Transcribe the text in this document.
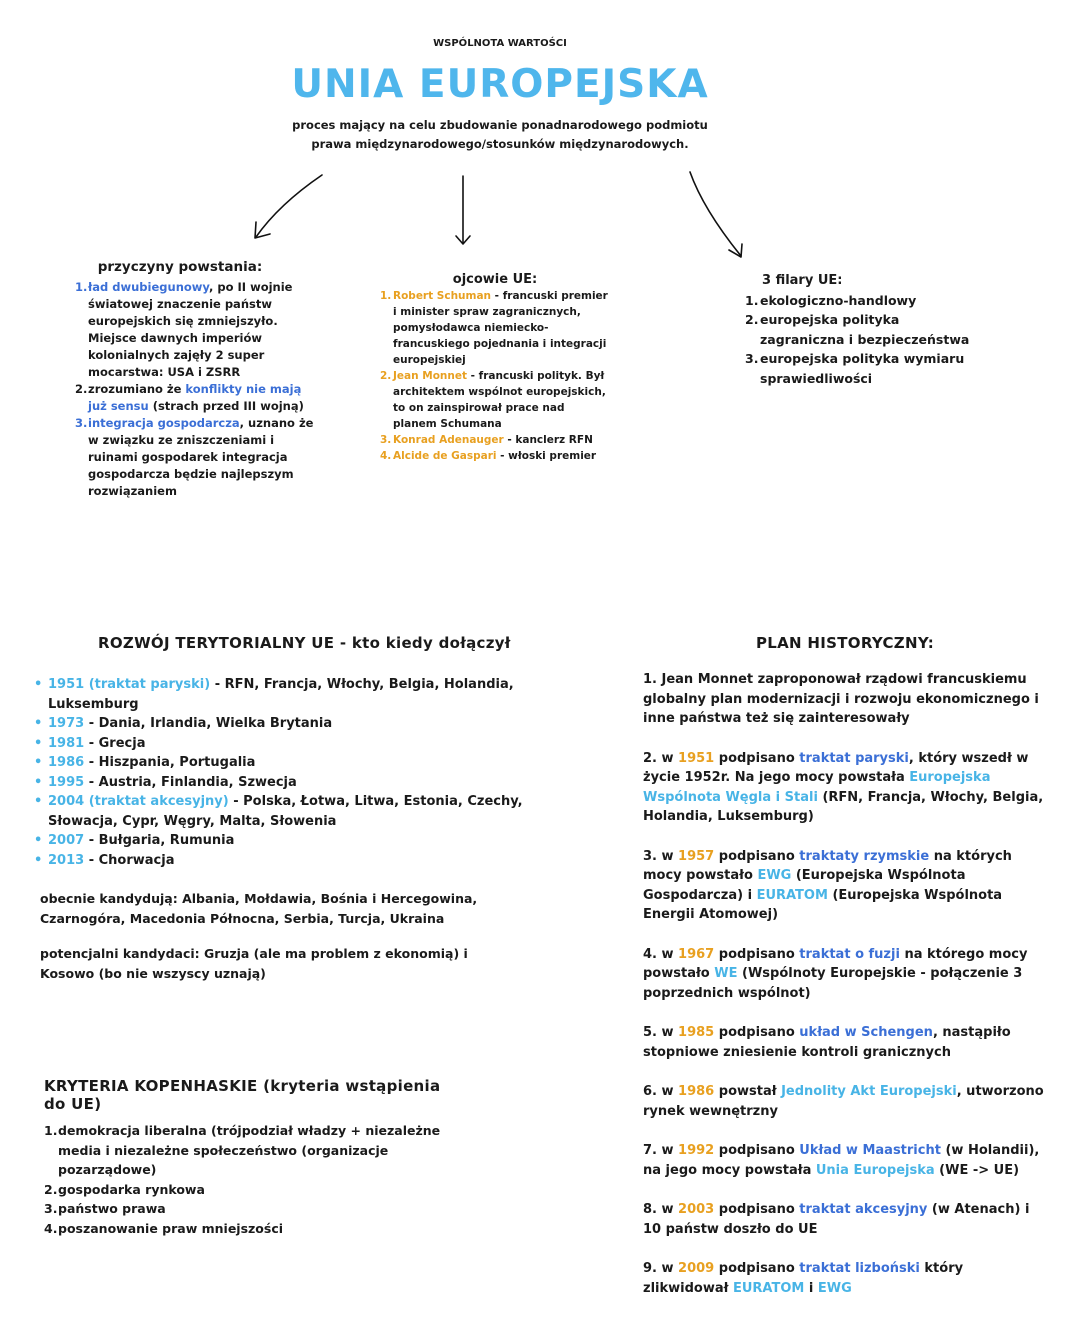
WSPÓLNOTA WARTOŚCI
UNIA EUROPEJSKA
proces mający na celu zbudowanie ponadnarodowego podmiotu
prawa międzynarodowego/stosunków międzynarodowych.
przyczyny powstania:
1. ład dwubiegunowy, po II wojnie światowej znaczenie państw europejskich się zmniejszyło. Miejsce dawnych imperiów kolonialnych zajęły 2 super mocarstwa: USA i ZSRR
2. zrozumiano że konflikty nie mają już sensu (strach przed III wojną)
3. integracja gospodarcza, uznano że w związku ze zniszczeniami i ruinami gospodarek integracja gospodarcza będzie najlepszym rozwiązaniem
ojcowie UE:
1. Robert Schuman - francuski premier i minister spraw zagranicznych, pomysłodawca niemiecko-francuskiego pojednania i integracji europejskiej
2. Jean Monnet - francuski polityk. Był architektem wspólnot europejskich, to on zainspirował prace nad planem Schumana
3. Konrad Adenauger - kanclerz RFN
4. Alcide de Gaspari - włoski premier
3 filary UE:
1. ekologiczno-handlowy
2. europejska polityka zagraniczna i bezpieczeństwa
3. europejska polityka wymiaru sprawiedliwości
ROZWÓJ TERYTORIALNY UE - kto kiedy dołączył
• 1951 (traktat paryski) - RFN, Francja, Włochy, Belgia, Holandia, Luksemburg
• 1973 - Dania, Irlandia, Wielka Brytania
• 1981 - Grecja
• 1986 - Hiszpania, Portugalia
• 1995 - Austria, Finlandia, Szwecja
• 2004 (traktat akcesyjny) - Polska, Łotwa, Litwa, Estonia, Czechy, Słowacja, Cypr, Węgry, Malta, Słowenia
• 2007 - Bułgaria, Rumunia
• 2013 - Chorwacja
obecnie kandydują: Albania, Mołdawia, Bośnia i Hercegowina, Czarnogóra, Macedonia Północna, Serbia, Turcja, Ukraina
potencjalni kandydaci: Gruzja (ale ma problem z ekonomią) i Kosowo (bo nie wszyscy uznają)
KRYTERIA KOPENHASKIE (kryteria wstąpienia do UE)
1. demokracja liberalna (trójpodział władzy + niezależne media i niezależne społeczeństwo (organizacje pozarządowe)
2. gospodarka rynkowa
3. państwo prawa
4. poszanowanie praw mniejszości
PLAN HISTORYCZNY:
1. Jean Monnet zaproponował rządowi francuskiemu globalny plan modernizacji i rozwoju ekonomicznego i inne państwa też się zainteresowały
2. w 1951 podpisano traktat paryski, który wszedł w życie 1952r. Na jego mocy powstała Europejska Wspólnota Węgla i Stali (RFN, Francja, Włochy, Belgia, Holandia, Luksemburg)
3. w 1957 podpisano traktaty rzymskie na których mocy powstało EWG (Europejska Wspólnota Gospodarcza) i EURATOM (Europejska Wspólnota Energii Atomowej)
4. w 1967 podpisano traktat o fuzji na którego mocy powstało WE (Wspólnoty Europejskie - połączenie 3 poprzednich wspólnot)
5. w 1985 podpisano układ w Schengen, nastąpiło stopniowe zniesienie kontroli granicznych
6. w 1986 powstał Jednolity Akt Europejski, utworzono rynek wewnętrzny
7. w 1992 podpisano Układ w Maastricht (w Holandii), na jego mocy powstała Unia Europejska (WE -> UE)
8. w 2003 podpisano traktat akcesyjny (w Atenach) i 10 państw doszło do UE
9. w 2009 podpisano traktat lizboński który zlikwidował EURATOM i EWG
